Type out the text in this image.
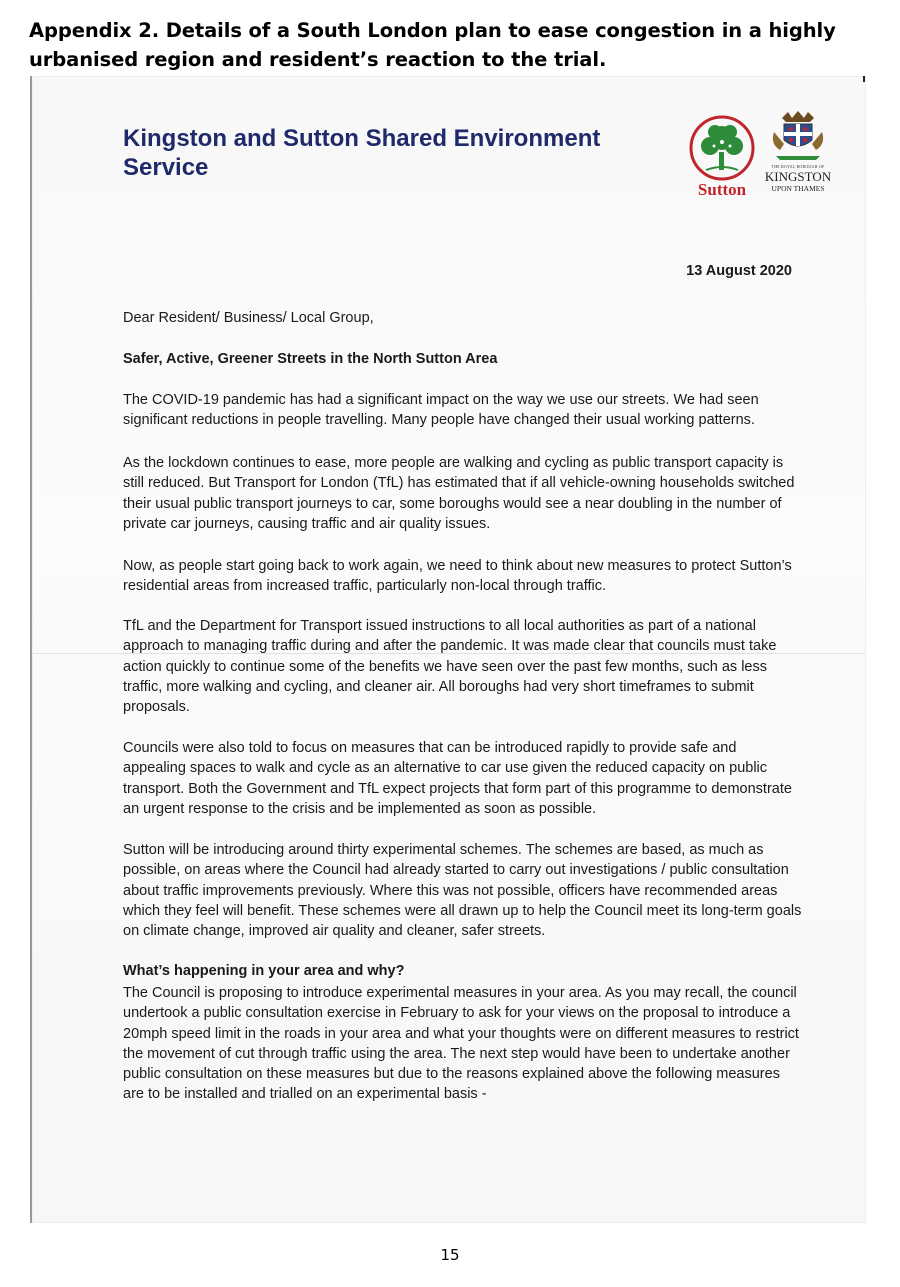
Appendix 2. Details of a South London plan to ease congestion in a highly urbanised region and resident’s reaction to the trial.
Kingston and Sutton Shared Environment Service
Sutton
THE ROYAL BOROUGH OF
KINGSTON
UPON THAMES
13 August 2020
Dear Resident/ Business/ Local Group,
Safer, Active, Greener Streets in the North Sutton Area

The COVID-19 pandemic has had a significant impact on the way we use our streets. We had seen significant reductions in people travelling. Many people have changed their usual working patterns.

As the lockdown continues to ease, more people are walking and cycling as public transport capacity is still reduced. But Transport for London (TfL) has estimated that if all vehicle-owning households switched their usual public transport journeys to car, some boroughs would see a near doubling in the number of private car journeys, causing traffic and air quality issues.

Now, as people start going back to work again, we need to think about new measures to protect Sutton’s residential areas from increased traffic, particularly non-local through traffic.

TfL and the Department for Transport issued instructions to all local authorities as part of a national approach to managing traffic during and after the pandemic. It was made clear that councils must take action quickly to continue some of the benefits we have seen over the past few months, such as less traffic, more walking and cycling, and cleaner air. All boroughs had very short timeframes to submit proposals.

Councils were also told to focus on measures that can be introduced rapidly to provide safe and appealing spaces to walk and cycle as an alternative to car use given the reduced capacity on public transport. Both the Government and TfL expect projects that form part of this programme to demonstrate an urgent response to the crisis and be implemented as soon as possible.

Sutton will be introducing around thirty experimental schemes. The schemes are based, as much as possible, on areas where the Council had already started to carry out investigations / public consultation about traffic improvements previously. Where this was not possible, officers have recommended areas which they feel will benefit. These schemes were all drawn up to help the Council meet its long-term goals on climate change, improved air quality and cleaner, safer streets.

What’s happening in your area and why?

The Council is proposing to introduce experimental measures in your area. As you may recall, the council undertook a public consultation exercise in February to ask for your views on the proposal to introduce a 20mph speed limit in the roads in your area and what your thoughts were on different measures to restrict the movement of cut through traffic using the area. The next step would have been to undertake another public consultation on these measures but due to the reasons explained above the following measures are to be installed and trialled on an experimental basis -

15
